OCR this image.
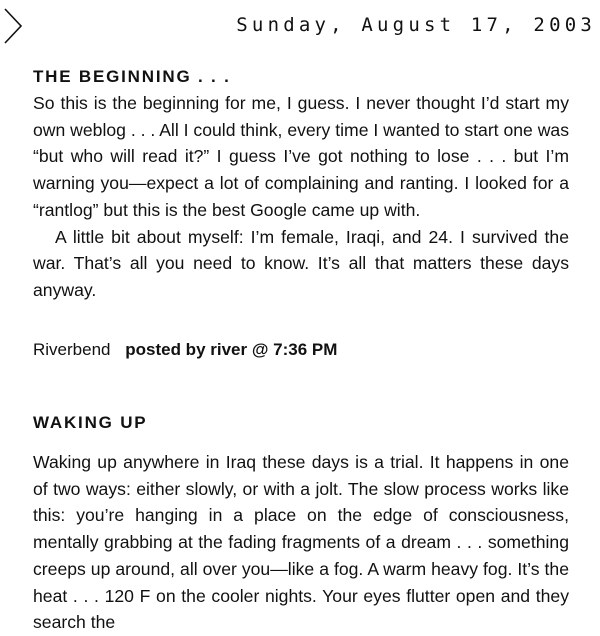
Sunday, August 17, 2003
THE BEGINNING . . .

So this is the beginning for me, I guess. I never thought I’d start my own weblog . . . All I could think, every time I wanted to start one was “but who will read it?” I guess I’ve got nothing to lose . . . but I’m warning you—expect a lot of complaining and ranting. I looked for a “rantlog” but this is the best Google came up with.

A little bit about myself: I’m female, Iraqi, and 24. I survived the war. That’s all you need to know. It’s all that matters these days anyway.

Riverbend posted by river @ 7:36 PM
WAKING UP

Waking up anywhere in Iraq these days is a trial. It happens in one of two ways: either slowly, or with a jolt. The slow process works like this: you’re hanging in a place on the edge of consciousness, mentally grabbing at the fading fragments of a dream . . . something creeps up around, all over you—like a fog. A warm heavy fog. It’s the heat . . . 120 F on the cooler nights. Your eyes flutter open and they search the
